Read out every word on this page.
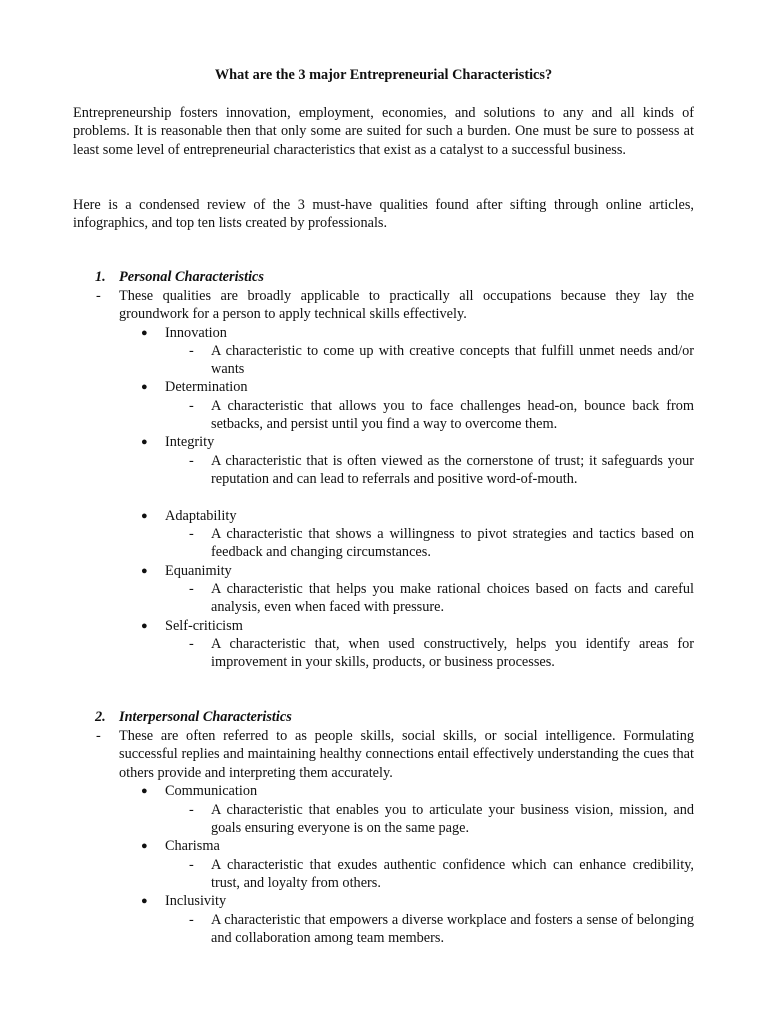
What are the 3 major Entrepreneurial Characteristics?

Entrepreneurship fosters innovation, employment, economies, and solutions to any and all kinds of problems. It is reasonable then that only some are suited for such a burden. One must be sure to possess at least some level of entrepreneurial characteristics that exist as a catalyst to a successful business.

Here is a condensed review of the 3 must-have qualities found after sifting through online articles, infographics, and top ten lists created by professionals.

1. Personal Characteristics
- These qualities are broadly applicable to practically all occupations because they lay the groundwork for a person to apply technical skills effectively.
● Innovation
- A characteristic to come up with creative concepts that fulfill unmet needs and/or wants
● Determination
- A characteristic that allows you to face challenges head-on, bounce back from setbacks, and persist until you find a way to overcome them.
● Integrity
- A characteristic that is often viewed as the cornerstone of trust; it safeguards your reputation and can lead to referrals and positive word-of-mouth.
● Adaptability
- A characteristic that shows a willingness to pivot strategies and tactics based on feedback and changing circumstances.
● Equanimity
- A characteristic that helps you make rational choices based on facts and careful analysis, even when faced with pressure.
● Self-criticism
- A characteristic that, when used constructively, helps you identify areas for improvement in your skills, products, or business processes.
2. Interpersonal Characteristics
- These are often referred to as people skills, social skills, or social intelligence. Formulating successful replies and maintaining healthy connections entail effectively understanding the cues that others provide and interpreting them accurately.
● Communication
- A characteristic that enables you to articulate your business vision, mission, and goals ensuring everyone is on the same page.
● Charisma
- A characteristic that exudes authentic confidence which can enhance credibility, trust, and loyalty from others.
● Inclusivity
- A characteristic that empowers a diverse workplace and fosters a sense of belonging and collaboration among team members.
